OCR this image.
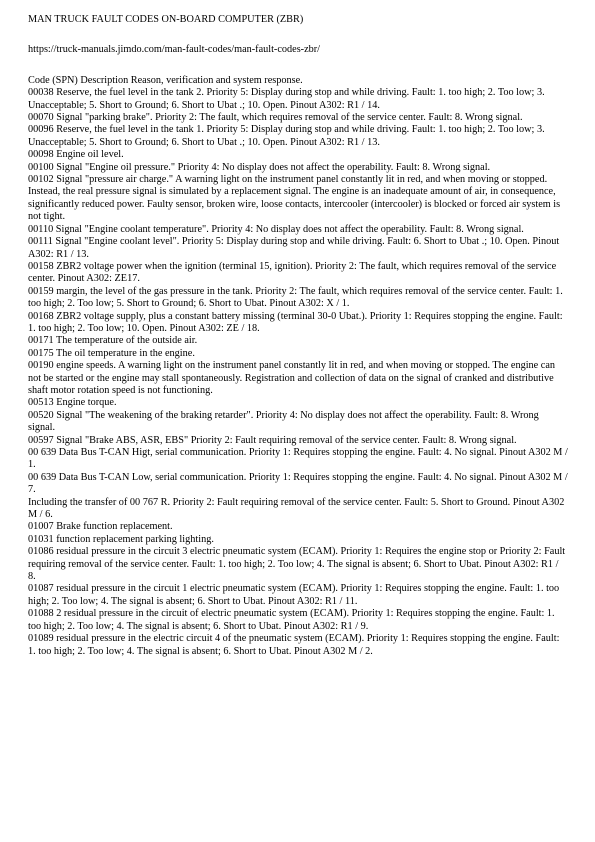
MAN TRUCK FAULT CODES ON-BOARD COMPUTER (ZBR)
https://truck-manuals.jimdo.com/man-fault-codes/man-fault-codes-zbr/
Code (SPN) Description Reason, verification and system response.

00038 Reserve, the fuel level in the tank 2. Priority 5: Display during stop and while driving. Fault: 1. too high; 2. Too low; 3. Unacceptable; 5. Short to Ground; 6. Short to Ubat .; 10. Open. Pinout A302: R1 / 14.

00070 Signal "parking brake". Priority 2: The fault, which requires removal of the service center. Fault: 8. Wrong signal.

00096 Reserve, the fuel level in the tank 1. Priority 5: Display during stop and while driving. Fault: 1. too high; 2. Too low; 3. Unacceptable; 5. Short to Ground; 6. Short to Ubat .; 10. Open. Pinout A302: R1 / 13.

00098 Engine oil level.

00100 Signal "Engine oil pressure." Priority 4: No display does not affect the operability. Fault: 8. Wrong signal.

00102 Signal "pressure air charge." A warning light on the instrument panel constantly lit in red, and when moving or stopped. Instead, the real pressure signal is simulated by a replacement signal. The engine is an inadequate amount of air, in consequence, significantly reduced power. Faulty sensor, broken wire, loose contacts, intercooler (intercooler) is blocked or forced air system is not tight.

00110 Signal "Engine coolant temperature". Priority 4: No display does not affect the operability. Fault: 8. Wrong signal.

00111 Signal "Engine coolant level". Priority 5: Display during stop and while driving. Fault: 6. Short to Ubat .; 10. Open. Pinout A302: R1 / 13.

00158 ZBR2 voltage power when the ignition (terminal 15, ignition). Priority 2: The fault, which requires removal of the service center. Pinout A302: ZE17.

00159 margin, the level of the gas pressure in the tank. Priority 2: The fault, which requires removal of the service center. Fault: 1. too high; 2. Too low; 5. Short to Ground; 6. Short to Ubat. Pinout A302: X / 1.

00168 ZBR2 voltage supply, plus a constant battery missing (terminal 30-0 Ubat.). Priority 1: Requires stopping the engine. Fault: 1. too high; 2. Too low; 10. Open. Pinout A302: ZE / 18.

00171 The temperature of the outside air.

00175 The oil temperature in the engine.

00190 engine speeds. A warning light on the instrument panel constantly lit in red, and when moving or stopped. The engine can not be started or the engine may stall spontaneously. Registration and collection of data on the signal of cranked and distributive shaft motor rotation speed is not functioning.

00513 Engine torque.

00520 Signal "The weakening of the braking retarder". Priority 4: No display does not affect the operability. Fault: 8. Wrong signal.

00597 Signal "Brake ABS, ASR, EBS" Priority 2: Fault requiring removal of the service center. Fault: 8. Wrong signal.

00 639 Data Bus T-CAN Higt, serial communication. Priority 1: Requires stopping the engine. Fault: 4. No signal. Pinout A302 M / 1.

00 639 Data Bus T-CAN Low, serial communication. Priority 1: Requires stopping the engine. Fault: 4. No signal. Pinout A302 M / 7.

Including the transfer of 00 767 R. Priority 2: Fault requiring removal of the service center. Fault: 5. Short to Ground. Pinout A302 M / 6.

01007 Brake function replacement.

01031 function replacement parking lighting.

01086 residual pressure in the circuit 3 electric pneumatic system (ECAM). Priority 1: Requires the engine stop or Priority 2: Fault requiring removal of the service center. Fault: 1. too high; 2. Too low; 4. The signal is absent; 6. Short to Ubat. Pinout A302: R1 / 8.

01087 residual pressure in the circuit 1 electric pneumatic system (ECAM). Priority 1: Requires stopping the engine. Fault: 1. too high; 2. Too low; 4. The signal is absent; 6. Short to Ubat. Pinout A302: R1 / 11.

01088 2 residual pressure in the circuit of electric pneumatic system (ECAM). Priority 1: Requires stopping the engine. Fault: 1. too high; 2. Too low; 4. The signal is absent; 6. Short to Ubat. Pinout A302: R1 / 9.

01089 residual pressure in the electric circuit 4 of the pneumatic system (ECAM). Priority 1: Requires stopping the engine. Fault: 1. too high; 2. Too low; 4. The signal is absent; 6. Short to Ubat. Pinout A302 M / 2.
